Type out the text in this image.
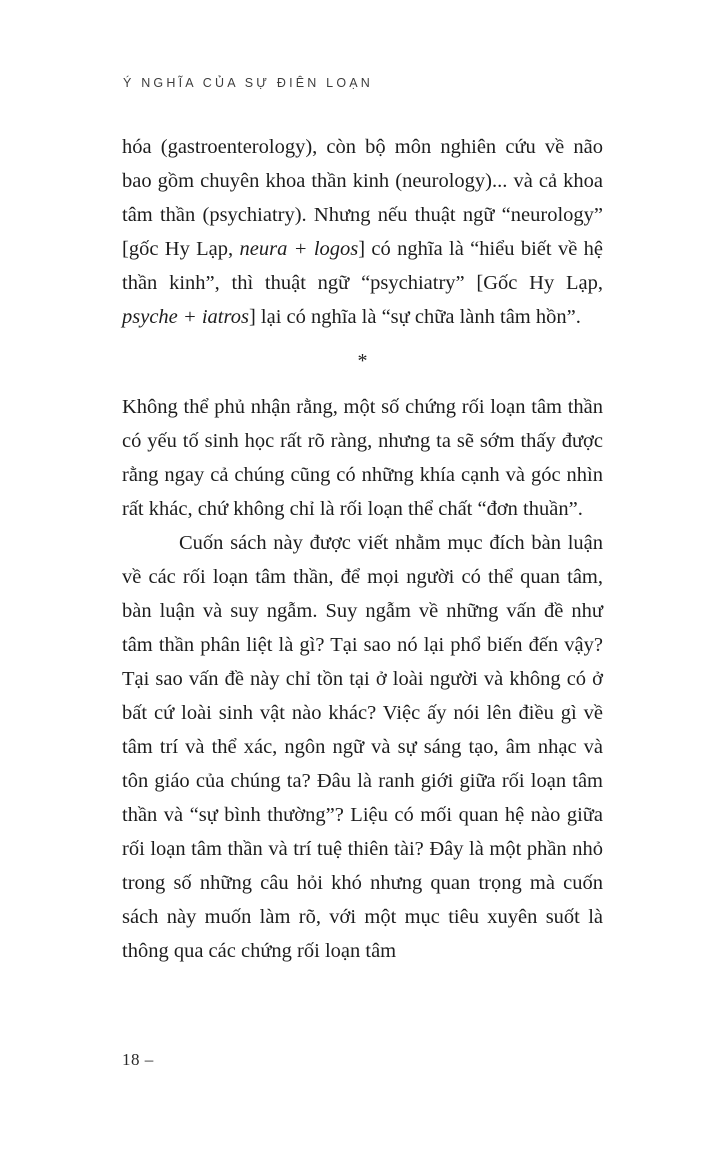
Ý NGHĨA CỦA SỰ ĐIÊN LOẠN

hóa (gastroenterology), còn bộ môn nghiên cứu về não bao gồm chuyên khoa thần kinh (neurology)... và cả khoa tâm thần (psychiatry). Nhưng nếu thuật ngữ “neurology” [gốc Hy Lạp, neura + logos] có nghĩa là “hiểu biết về hệ thần kinh”, thì thuật ngữ “psychiatry” [Gốc Hy Lạp, psyche + iatros] lại có nghĩa là “sự chữa lành tâm hồn”.

*

Không thể phủ nhận rằng, một số chứng rối loạn tâm thần có yếu tố sinh học rất rõ ràng, nhưng ta sẽ sớm thấy được rằng ngay cả chúng cũng có những khía cạnh và góc nhìn rất khác, chứ không chỉ là rối loạn thể chất “đơn thuần”.

Cuốn sách này được viết nhằm mục đích bàn luận về các rối loạn tâm thần, để mọi người có thể quan tâm, bàn luận và suy ngẫm. Suy ngẫm về những vấn đề như tâm thần phân liệt là gì? Tại sao nó lại phổ biến đến vậy? Tại sao vấn đề này chỉ tồn tại ở loài người và không có ở bất cứ loài sinh vật nào khác? Việc ấy nói lên điều gì về tâm trí và thể xác, ngôn ngữ và sự sáng tạo, âm nhạc và tôn giáo của chúng ta? Đâu là ranh giới giữa rối loạn tâm thần và “sự bình thường”? Liệu có mối quan hệ nào giữa rối loạn tâm thần và trí tuệ thiên tài? Đây là một phần nhỏ trong số những câu hỏi khó nhưng quan trọng mà cuốn sách này muốn làm rõ, với một mục tiêu xuyên suốt là thông qua các chứng rối loạn tâm

18 –
